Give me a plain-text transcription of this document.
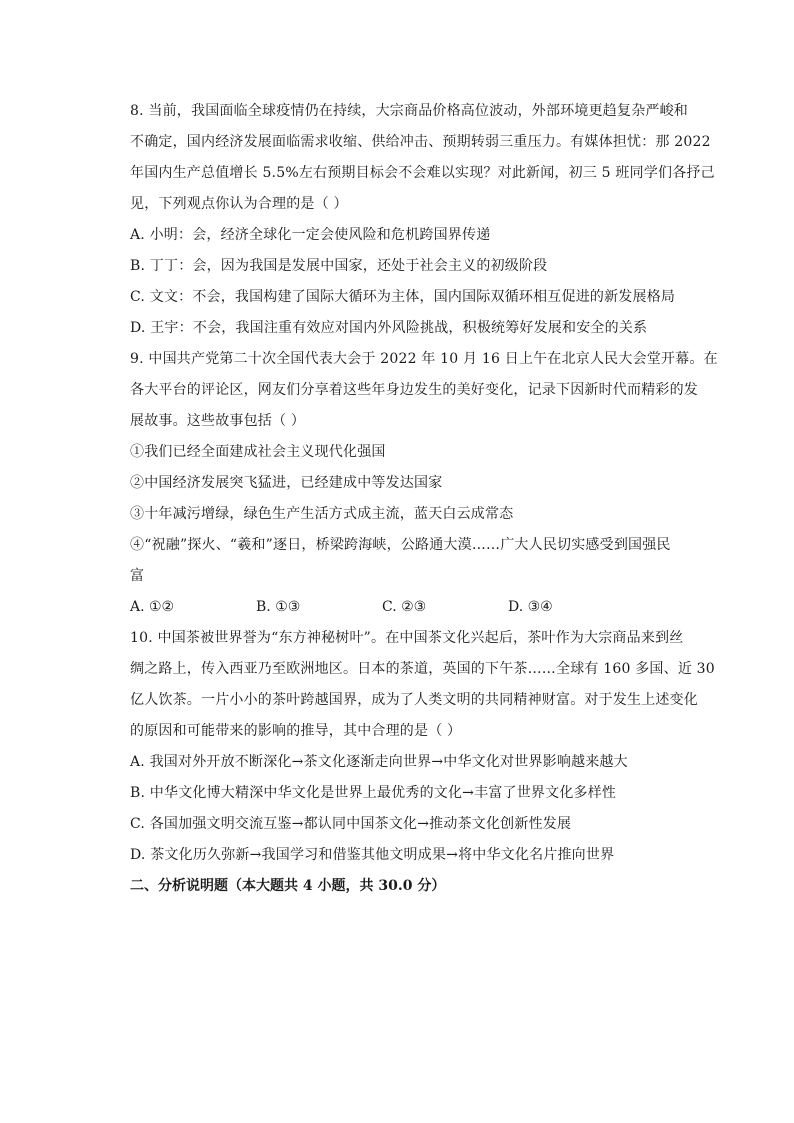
8. 当前，我国面临全球疫情仍在持续，大宗商品价格高位波动，外部环境更趋复杂严峻和
不确定，国内经济发展面临需求收缩、供给冲击、预期转弱三重压力。有媒体担忧：那 2022
年国内生产总值增长 5.5%左右预期目标会不会难以实现？对此新闻，初三 5 班同学们各抒己
见，下列观点你认为合理的是（ ）
A. 小明：会，经济全球化一定会使风险和危机跨国界传递
B. 丁丁：会，因为我国是发展中国家，还处于社会主义的初级阶段
C. 文文：不会，我国构建了国际大循环为主体，国内国际双循环相互促进的新发展格局
D. 王宇：不会，我国注重有效应对国内外风险挑战，积极统筹好发展和安全的关系
9. 中国共产党第二十次全国代表大会于 2022 年 10 月 16 日上午在北京人民大会堂开幕。在
各大平台的评论区，网友们分享着这些年身边发生的美好变化，记录下因新时代而精彩的发
展故事。这些故事包括（ ）
①我们已经全面建成社会主义现代化强国
②中国经济发展突飞猛进，已经建成中等发达国家
③十年减污增绿，绿色生产生活方式成主流，蓝天白云成常态
④“祝融”探火、“羲和”逐日，桥梁跨海峡，公路通大漠……广大人民切实感受到国强民
富
A. ①②	B. ①③	C. ②③	D. ③④
10. 中国茶被世界誉为“东方神秘树叶”。在中国茶文化兴起后，茶叶作为大宗商品来到丝
绸之路上，传入西亚乃至欧洲地区。日本的茶道，英国的下午茶……全球有 160 多国、近 30
亿人饮茶。一片小小的茶叶跨越国界，成为了人类文明的共同精神财富。对于发生上述变化
的原因和可能带来的影响的推导，其中合理的是（ ）
A. 我国对外开放不断深化→茶文化逐渐走向世界→中华文化对世界影响越来越大
B. 中华文化博大精深中华文化是世界上最优秀的文化→丰富了世界文化多样性
C. 各国加强文明交流互鉴→都认同中国茶文化→推动茶文化创新性发展
D. 茶文化历久弥新→我国学习和借鉴其他文明成果→将中华文化名片推向世界
二、分析说明题（本大题共 4 小题，共 30.0 分）
